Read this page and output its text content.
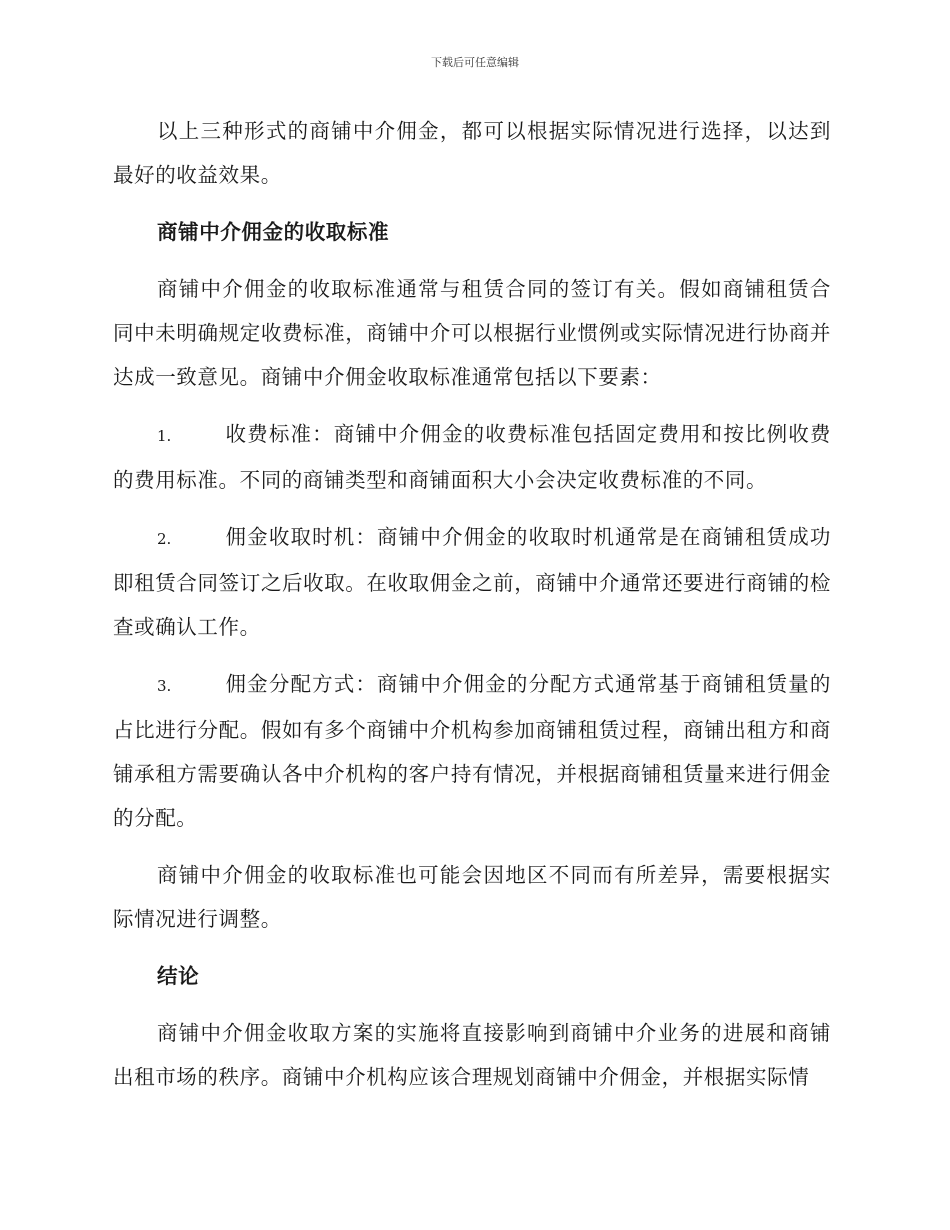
下载后可任意编辑

以上三种形式的商铺中介佣金，都可以根据实际情况进行选择，以达到最好的收益效果。

商铺中介佣金的收取标准

商铺中介佣金的收取标准通常与租赁合同的签订有关。假如商铺租赁合同中未明确规定收费标准，商铺中介可以根据行业惯例或实际情况进行协商并达成一致意见。商铺中介佣金收取标准通常包括以下要素：

1.	收费标准：商铺中介佣金的收费标准包括固定费用和按比例收费的费用标准。不同的商铺类型和商铺面积大小会决定收费标准的不同。

2.	佣金收取时机：商铺中介佣金的收取时机通常是在商铺租赁成功即租赁合同签订之后收取。在收取佣金之前，商铺中介通常还要进行商铺的检查或确认工作。

3.	佣金分配方式：商铺中介佣金的分配方式通常基于商铺租赁量的占比进行分配。假如有多个商铺中介机构参加商铺租赁过程，商铺出租方和商铺承租方需要确认各中介机构的客户持有情况，并根据商铺租赁量来进行佣金的分配。

商铺中介佣金的收取标准也可能会因地区不同而有所差异，需要根据实际情况进行调整。

结论

商铺中介佣金收取方案的实施将直接影响到商铺中介业务的进展和商铺出租市场的秩序。商铺中介机构应该合理规划商铺中介佣金，并根据实际情
